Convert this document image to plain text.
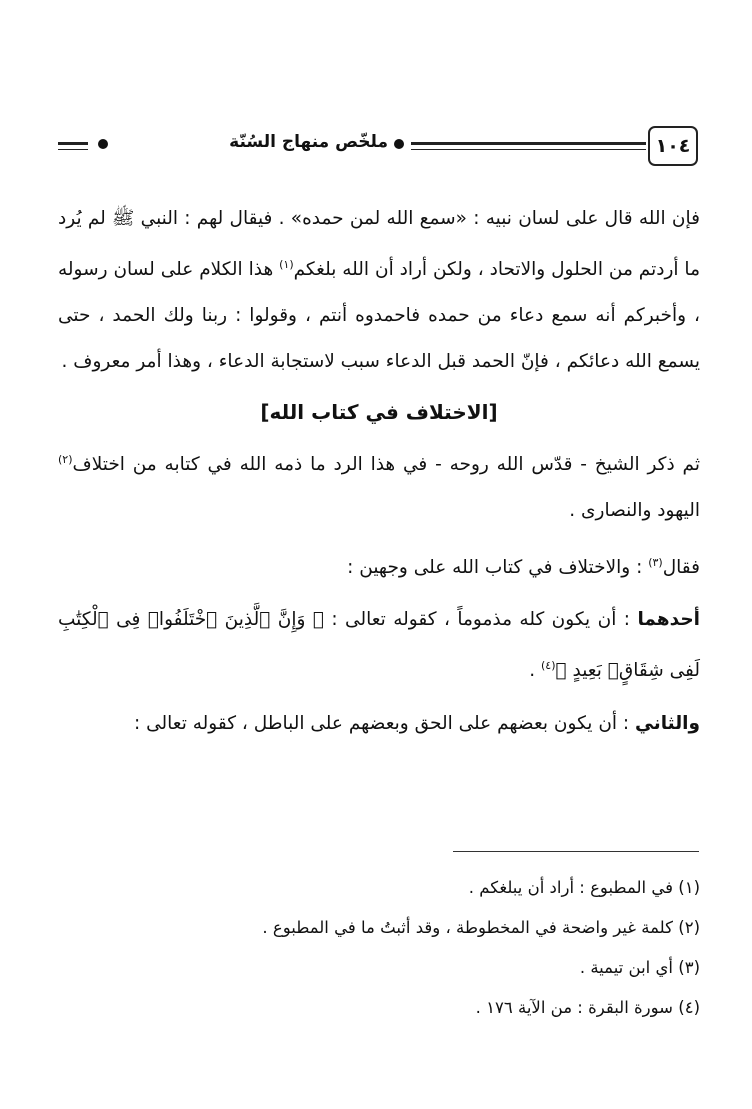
١٠٤
ملخّص منهاج السُنّة

فإن الله قال على لسان نبيه : «سمع الله لمن حمده» . فيقال لهم : النبي ﷺ لم يُرد ما أردتم من الحلول والاتحاد ، ولكن أراد أن الله بلغكم$^{(١)}$ هذا الكلام على لسان رسوله ، وأخبركم أنه سمع دعاء من حمده فاحمدوه أنتم ، وقولوا : ربنا ولك الحمد ، حتى يسمع الله دعائكم ، فإنّ الحمد قبل الدعاء سبب لاستجابة الدعاء ، وهذا أمر معروف .

[الاختلاف في كتاب الله]

ثم ذكر الشيخ - قدّس الله روحه - في هذا الرد ما ذمه الله في كتابه من اختلاف$^{(٢)}$ اليهود والنصارى .

فقال$^{(٣)}$ : والاختلاف في كتاب الله على وجهين :

أحدهما : أن يكون كله مذموماً ، كقوله تعالى : ﴿ وَإِنَّ ٱلَّذِينَ ٱخْتَلَفُوا۟ فِى ٱلْكِتَٰبِ لَفِى شِقَاقٍۭ بَعِيدٍ ﴾$^{(٤)}$ .

والثاني : أن يكون بعضهم على الحق وبعضهم على الباطل ، كقوله تعالى :

(١) في المطبوع : أراد أن يبلغكم .
(٢) كلمة غير واضحة في المخطوطة ، وقد أثبتُ ما في المطبوع .
(٣) أي ابن تيمية .
(٤) سورة البقرة : من الآية ١٧٦ .
